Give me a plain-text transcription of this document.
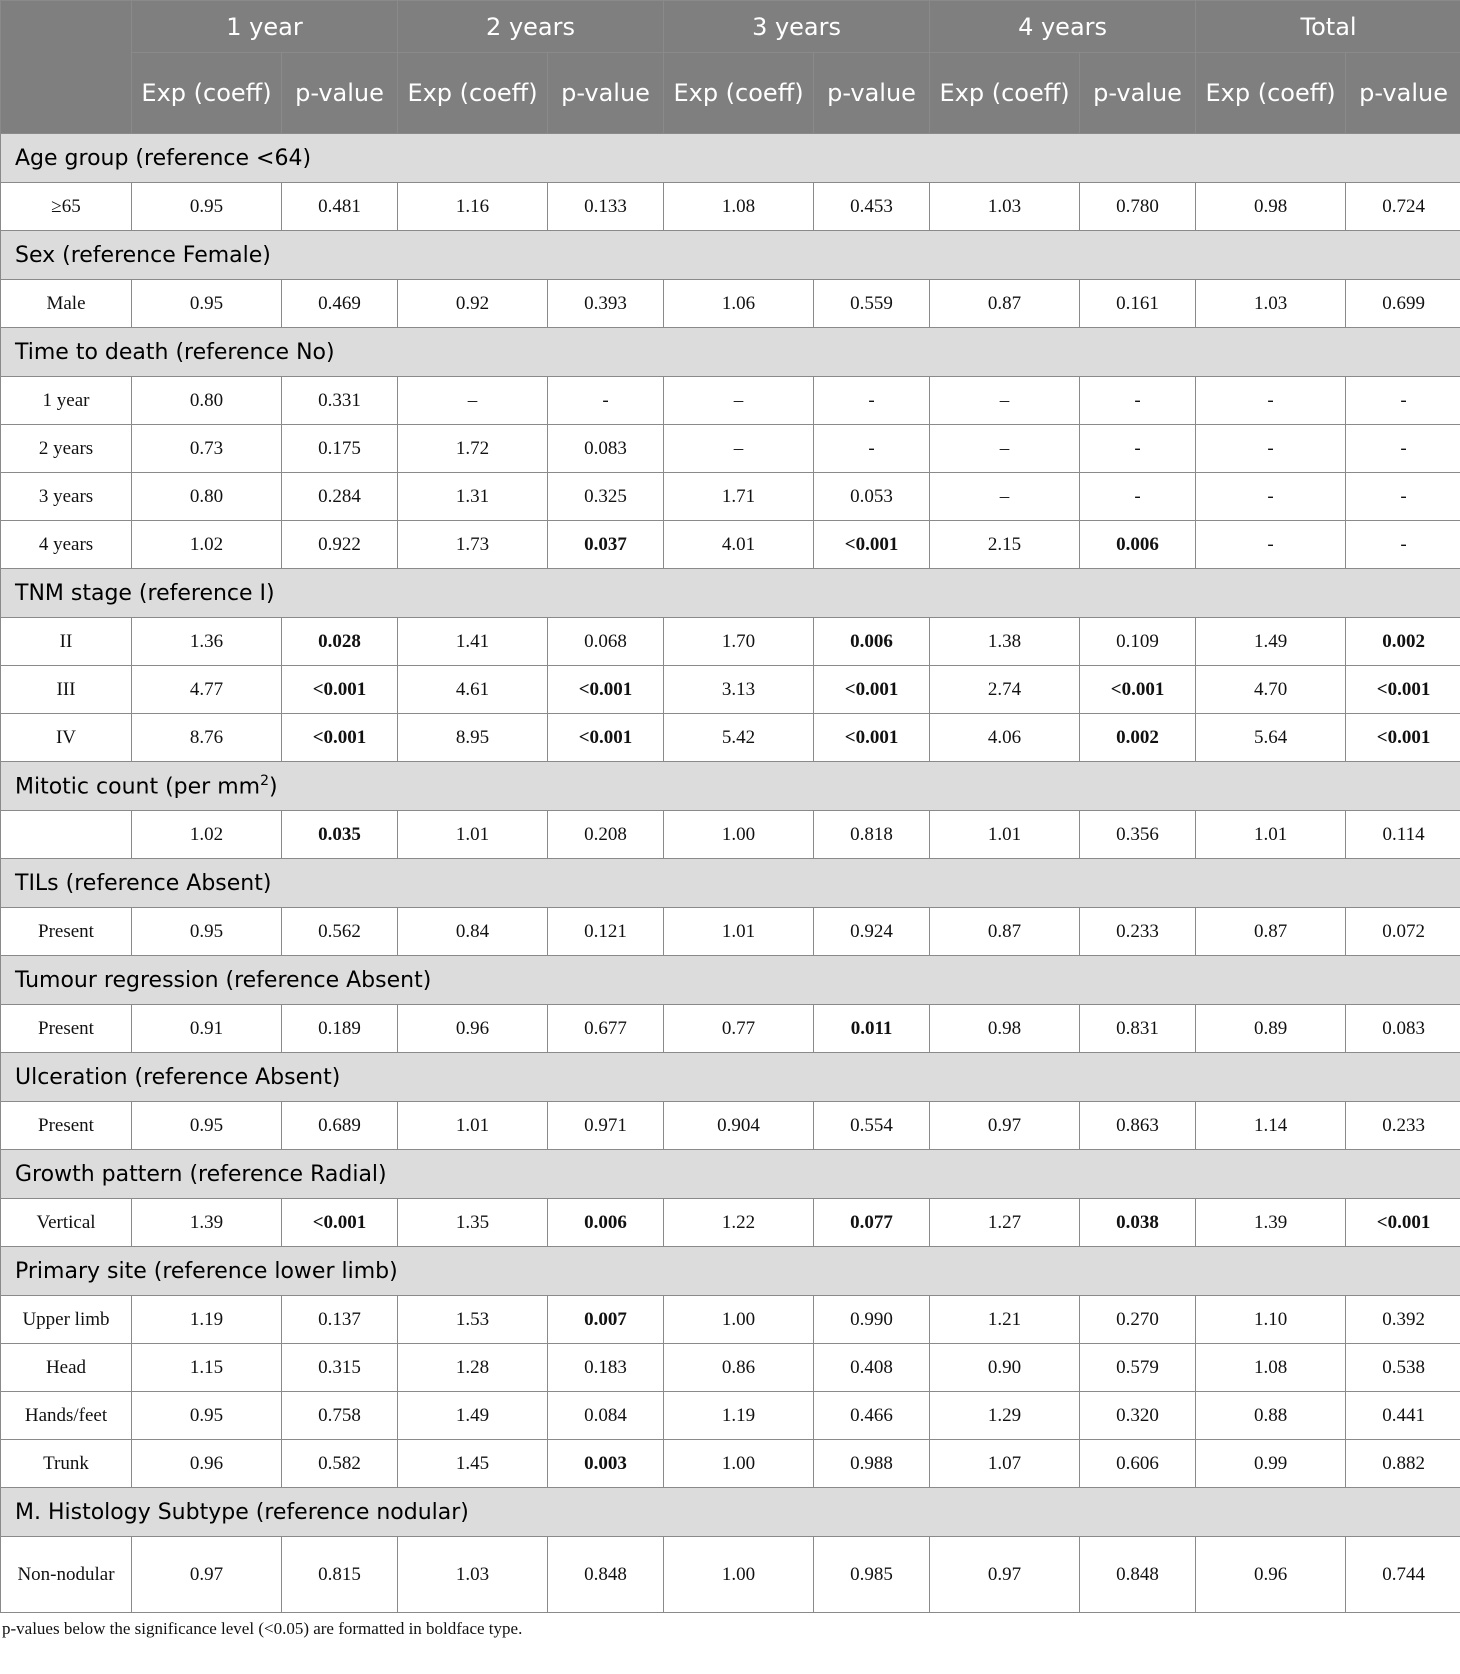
	1 year		2 years		3 years		4 years		Total	
	Exp (coeff)	p-value	Exp (coeff)	p-value	Exp (coeff)	p-value	Exp (coeff)	p-value	Exp (coeff)	p-value
Age group (reference <64)										
≥65	0.95	0.481	1.16	0.133	1.08	0.453	1.03	0.780	0.98	0.724
Sex (reference Female)										
Male	0.95	0.469	0.92	0.393	1.06	0.559	0.87	0.161	1.03	0.699
Time to death (reference No)										
1 year	0.80	0.331	–	-	–	-	–	-	-	-
2 years	0.73	0.175	1.72	0.083	–	-	–	-	-	-
3 years	0.80	0.284	1.31	0.325	1.71	0.053	–	-	-	-
4 years	1.02	0.922	1.73	0.037	4.01	<0.001	2.15	0.006	-	-
TNM stage (reference I)										
II	1.36	0.028	1.41	0.068	1.70	0.006	1.38	0.109	1.49	0.002
III	4.77	<0.001	4.61	<0.001	3.13	<0.001	2.74	<0.001	4.70	<0.001
IV	8.76	<0.001	8.95	<0.001	5.42	<0.001	4.06	0.002	5.64	<0.001
Mitotic count (per $mm^2$)										
	1.02	0.035	1.01	0.208	1.00	0.818	1.01	0.356	1.01	0.114
TILs (reference Absent)										
Present	0.95	0.562	0.84	0.121	1.01	0.924	0.87	0.233	0.87	0.072
Tumour regression (reference Absent)										
Present	0.91	0.189	0.96	0.677	0.77	0.011	0.98	0.831	0.89	0.083
Ulceration (reference Absent)										
Present	0.95	0.689	1.01	0.971	0.904	0.554	0.97	0.863	1.14	0.233
Growth pattern (reference Radial)										
Vertical	1.39	<0.001	1.35	0.006	1.22	0.077	1.27	0.038	1.39	<0.001
Primary site (reference lower limb)										
Upper limb	1.19	0.137	1.53	0.007	1.00	0.990	1.21	0.270	1.10	0.392
Head	1.15	0.315	1.28	0.183	0.86	0.408	0.90	0.579	1.08	0.538
Hands/feet	0.95	0.758	1.49	0.084	1.19	0.466	1.29	0.320	0.88	0.441
Trunk	0.96	0.582	1.45	0.003	1.00	0.988	1.07	0.606	0.99	0.882
M. Histology Subtype (reference nodular)										
Non-nodular	0.97	0.815	1.03	0.848	1.00	0.985	0.97	0.848	0.96	0.744
p-values below the significance level (<0.05) are formatted in boldface type.
